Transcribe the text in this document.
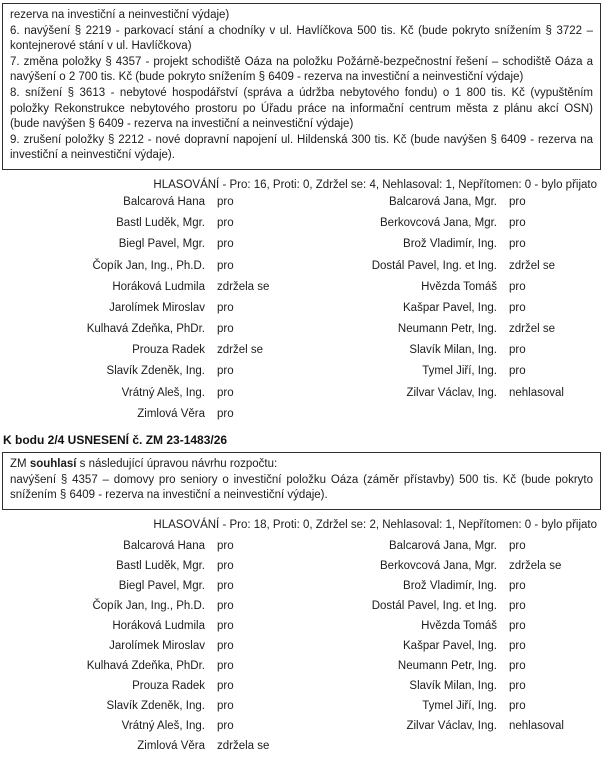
rezerva na investiční a neinvestiční výdaje)

6. navýšení § 2219 - parkovací stání a chodníky v ul. Havlíčkova 500 tis. Kč (bude pokryto snížením § 3722 – kontejnerové stání v ul. Havlíčkova)

7. změna položky § 4357 - projekt schodiště Oáza na položku Požárně-bezpečnostní řešení – schodiště Oáza a navýšení o 2 700 tis. Kč (bude pokryto snížením § 6409 - rezerva na investiční a neinvestiční výdaje)

8. snížení § 3613 - nebytové hospodářství (správa a údržba nebytového fondu) o 1 800 tis. Kč (vypuštěním položky Rekonstrukce nebytového prostoru po Úřadu práce na informační centrum města z plánu akcí OSN) (bude navýšen § 6409 - rezerva na investiční a neinvestiční výdaje)

9. zrušení položky § 2212 - nové dopravní napojení ul. Hildenská 300 tis. Kč (bude navýšen § 6409 - rezerva na investiční a neinvestiční výdaje).

HLASOVÁNÍ - Pro: 16, Proti: 0, Zdržel se: 4, Nehlasoval: 1, Nepřítomen: 0 - bylo přijato
Balcarová Hana	pro	Balcarová Jana, Mgr.	pro
Bastl Luděk, Mgr.	pro	Berkovcová Jana, Mgr.	pro
Biegl Pavel, Mgr.	pro	Brož Vladimír, Ing.	pro
Čopík Jan, Ing., Ph.D.	pro	Dostál Pavel, Ing. et Ing.	zdržel se
Horáková Ludmila	zdržela se	Hvězda Tomáš	pro
Jarolímek Miroslav	pro	Kašpar Pavel, Ing.	pro
Kulhavá Zdeňka, PhDr.	pro	Neumann Petr, Ing.	zdržel se
Prouza Radek	zdržel se	Slavík Milan, Ing.	pro
Slavík Zdeněk, Ing.	pro	Tymel Jiří, Ing.	pro
Vrátný Aleš, Ing.	pro	Zilvar Václav, Ing.	nehlasoval
Zimlová Věra	pro
K bodu 2/4 USNESENÍ č. ZM 23-1483/26

ZM souhlasí s následující úpravou návrhu rozpočtu:

navýšení § 4357 – domovy pro seniory o investiční položku Oáza (záměr přístavby) 500 tis. Kč (bude pokryto snížením § 6409 - rezerva na investiční a neinvestiční výdaje).

HLASOVÁNÍ - Pro: 18, Proti: 0, Zdržel se: 2, Nehlasoval: 1, Nepřítomen: 0 - bylo přijato
Balcarová Hana	pro	Balcarová Jana, Mgr.	pro
Bastl Luděk, Mgr.	pro	Berkovcová Jana, Mgr.	zdržela se
Biegl Pavel, Mgr.	pro	Brož Vladimír, Ing.	pro
Čopík Jan, Ing., Ph.D.	pro	Dostál Pavel, Ing. et Ing.	pro
Horáková Ludmila	pro	Hvězda Tomáš	pro
Jarolímek Miroslav	pro	Kašpar Pavel, Ing.	pro
Kulhavá Zdeňka, PhDr.	pro	Neumann Petr, Ing.	pro
Prouza Radek	pro	Slavík Milan, Ing.	pro
Slavík Zdeněk, Ing.	pro	Tymel Jiří, Ing.	pro
Vrátný Aleš, Ing.	pro	Zilvar Václav, Ing.	nehlasoval
Zimlová Věra	zdržela se
